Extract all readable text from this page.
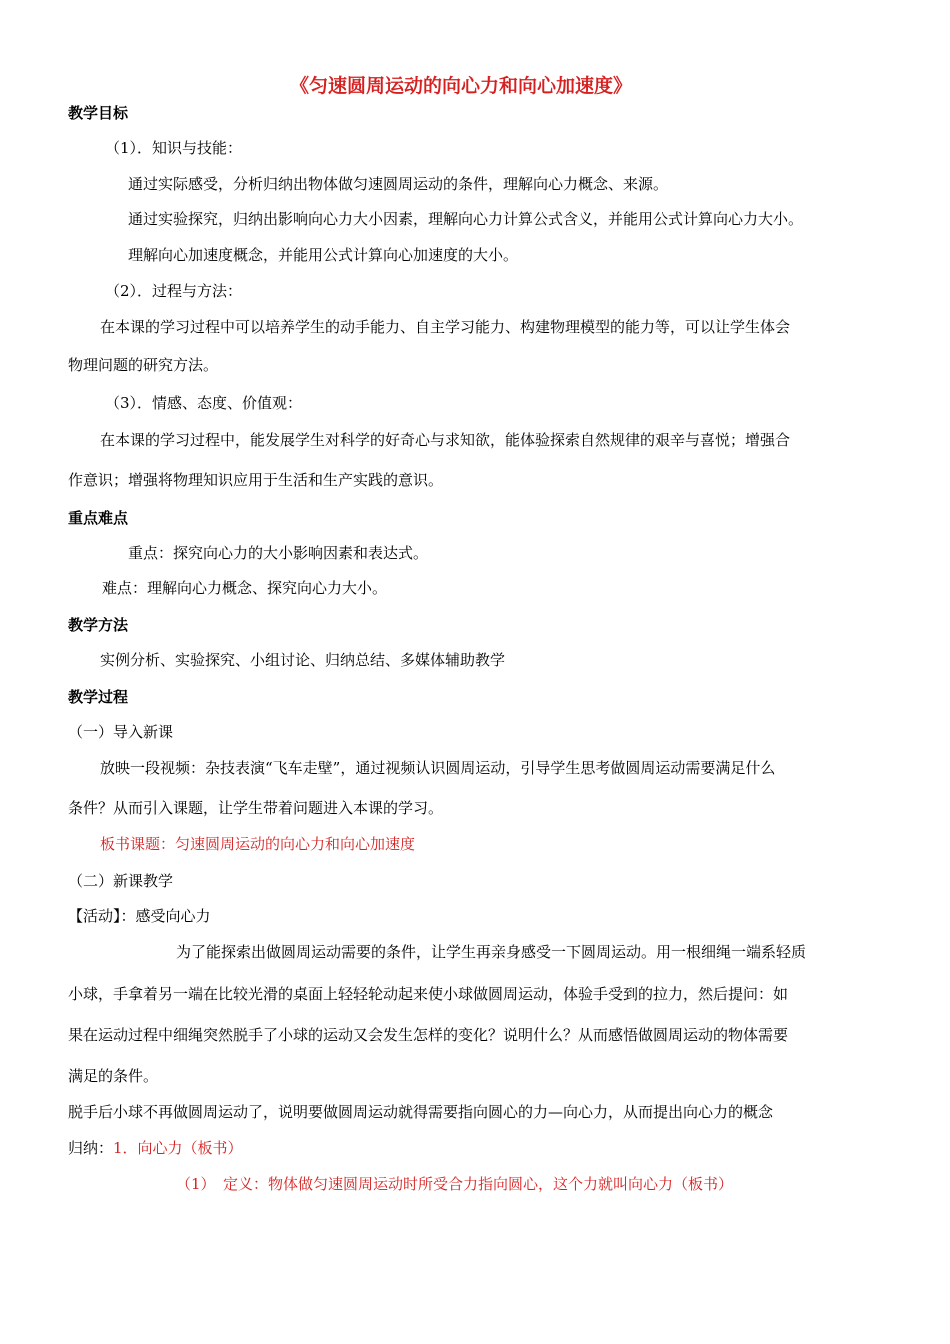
《匀速圆周运动的向心力和向心加速度》
教学目标
（1）．知识与技能：
通过实际感受，分析归纳出物体做匀速圆周运动的条件，理解向心力概念、来源。
通过实验探究，归纳出影响向心力大小因素，理解向心力计算公式含义，并能用公式计算向心力大小。
理解向心加速度概念，并能用公式计算向心加速度的大小。
（2）．过程与方法：
在本课的学习过程中可以培养学生的动手能力、自主学习能力、构建物理模型的能力等，可以让学生体会
物理问题的研究方法。
（3）．情感、态度、价值观：
在本课的学习过程中，能发展学生对科学的好奇心与求知欲，能体验探索自然规律的艰辛与喜悦；增强合
作意识；增强将物理知识应用于生活和生产实践的意识。
重点难点
重点：探究向心力的大小影响因素和表达式。
难点：理解向心力概念、探究向心力大小。
教学方法
实例分析、实验探究、小组讨论、归纳总结、多媒体辅助教学
教学过程
（一）导入新课
放映一段视频：杂技表演“飞车走壁”，通过视频认识圆周运动，引导学生思考做圆周运动需要满足什么
条件？从而引入课题，让学生带着问题进入本课的学习。
板书课题：匀速圆周运动的向心力和向心加速度
（二）新课教学
【活动】：感受向心力
为了能探索出做圆周运动需要的条件，让学生再亲身感受一下圆周运动。用一根细绳一端系轻质
小球，手拿着另一端在比较光滑的桌面上轻轻轮动起来使小球做圆周运动，体验手受到的拉力，然后提问：如
果在运动过程中细绳突然脱手了小球的运动又会发生怎样的变化？说明什么？从而感悟做圆周运动的物体需要
满足的条件。
脱手后小球不再做圆周运动了，说明要做圆周运动就得需要指向圆心的力—向心力，从而提出向心力的概念
归纳：1．向心力（板书）
（1）　定义：物体做匀速圆周运动时所受合力指向圆心，这个力就叫向心力（板书）
